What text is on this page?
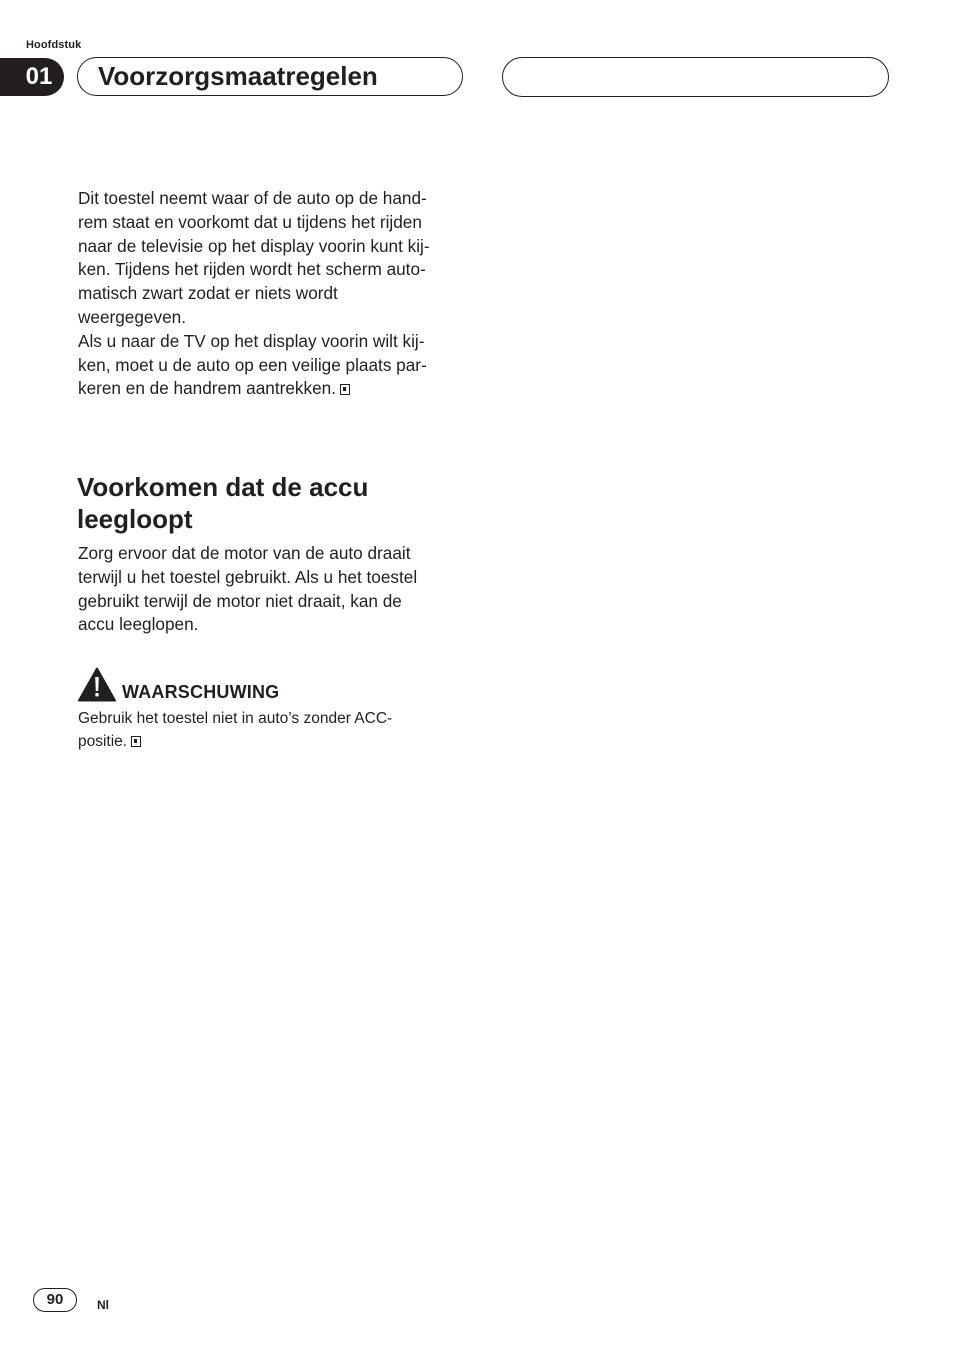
Hoofdstuk
01	Voorzorgsmaatregelen

Dit toestel neemt waar of de auto op de hand-
rem staat en voorkomt dat u tijdens het rijden
naar de televisie op het display voorin kunt kij-
ken. Tijdens het rijden wordt het scherm auto-
matisch zwart zodat er niets wordt
weergegeven.

Als u naar de TV op het display voorin wilt kij-
ken, moet u de auto op een veilige plaats par-
keren en de handrem aantrekken.

Voorkomen dat de accu
leegloopt

Zorg ervoor dat de motor van de auto draait
terwijl u het toestel gebruikt. Als u het toestel
gebruikt terwijl de motor niet draait, kan de
accu leeglopen.

WAARSCHUWING

Gebruik het toestel niet in auto’s zonder ACC-
positie.

90	Nl
